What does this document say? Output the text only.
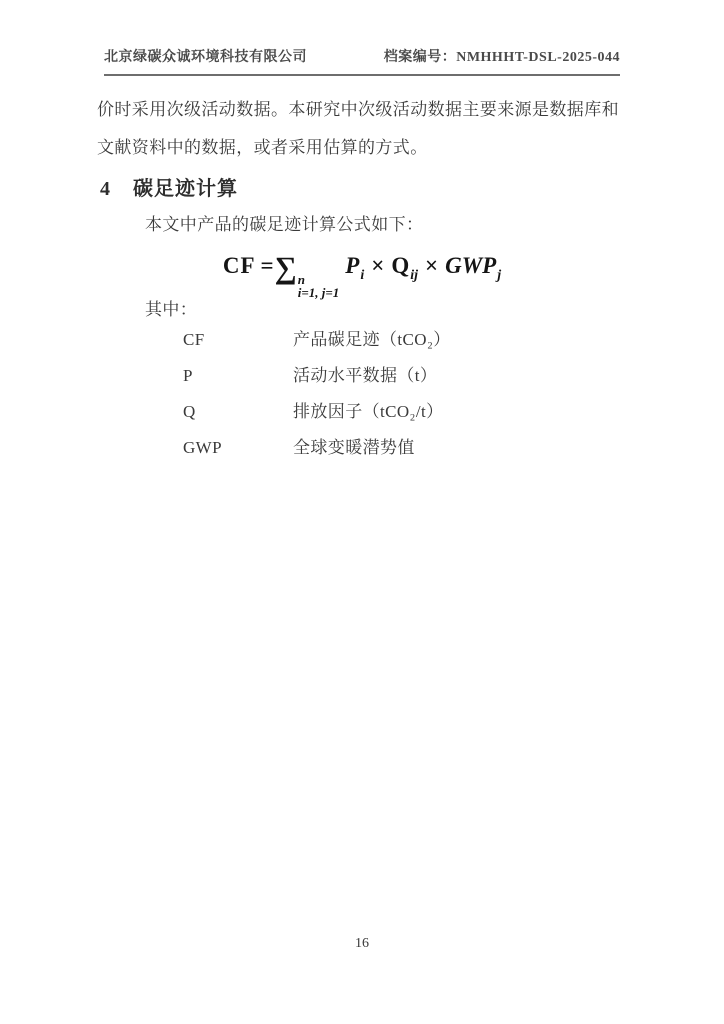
北京绿碳众诚环境科技有限公司	档案编号：NMHHHT-DSL-2025-044
价时采用次级活动数据。本研究中次级活动数据主要来源是数据库和
文献资料中的数据，或者采用估算的方式。
4 碳足迹计算
本文中产品的碳足迹计算公式如下：
CF =∑ n
i=1, j=1
$P_i \times Q_{ij} \times GWP_j$
其中：
CF	产品碳足迹（tCO₂）
P	活动水平数据（t）
Q	排放因子（tCO₂/t）
GWP	全球变暖潜势值
16
